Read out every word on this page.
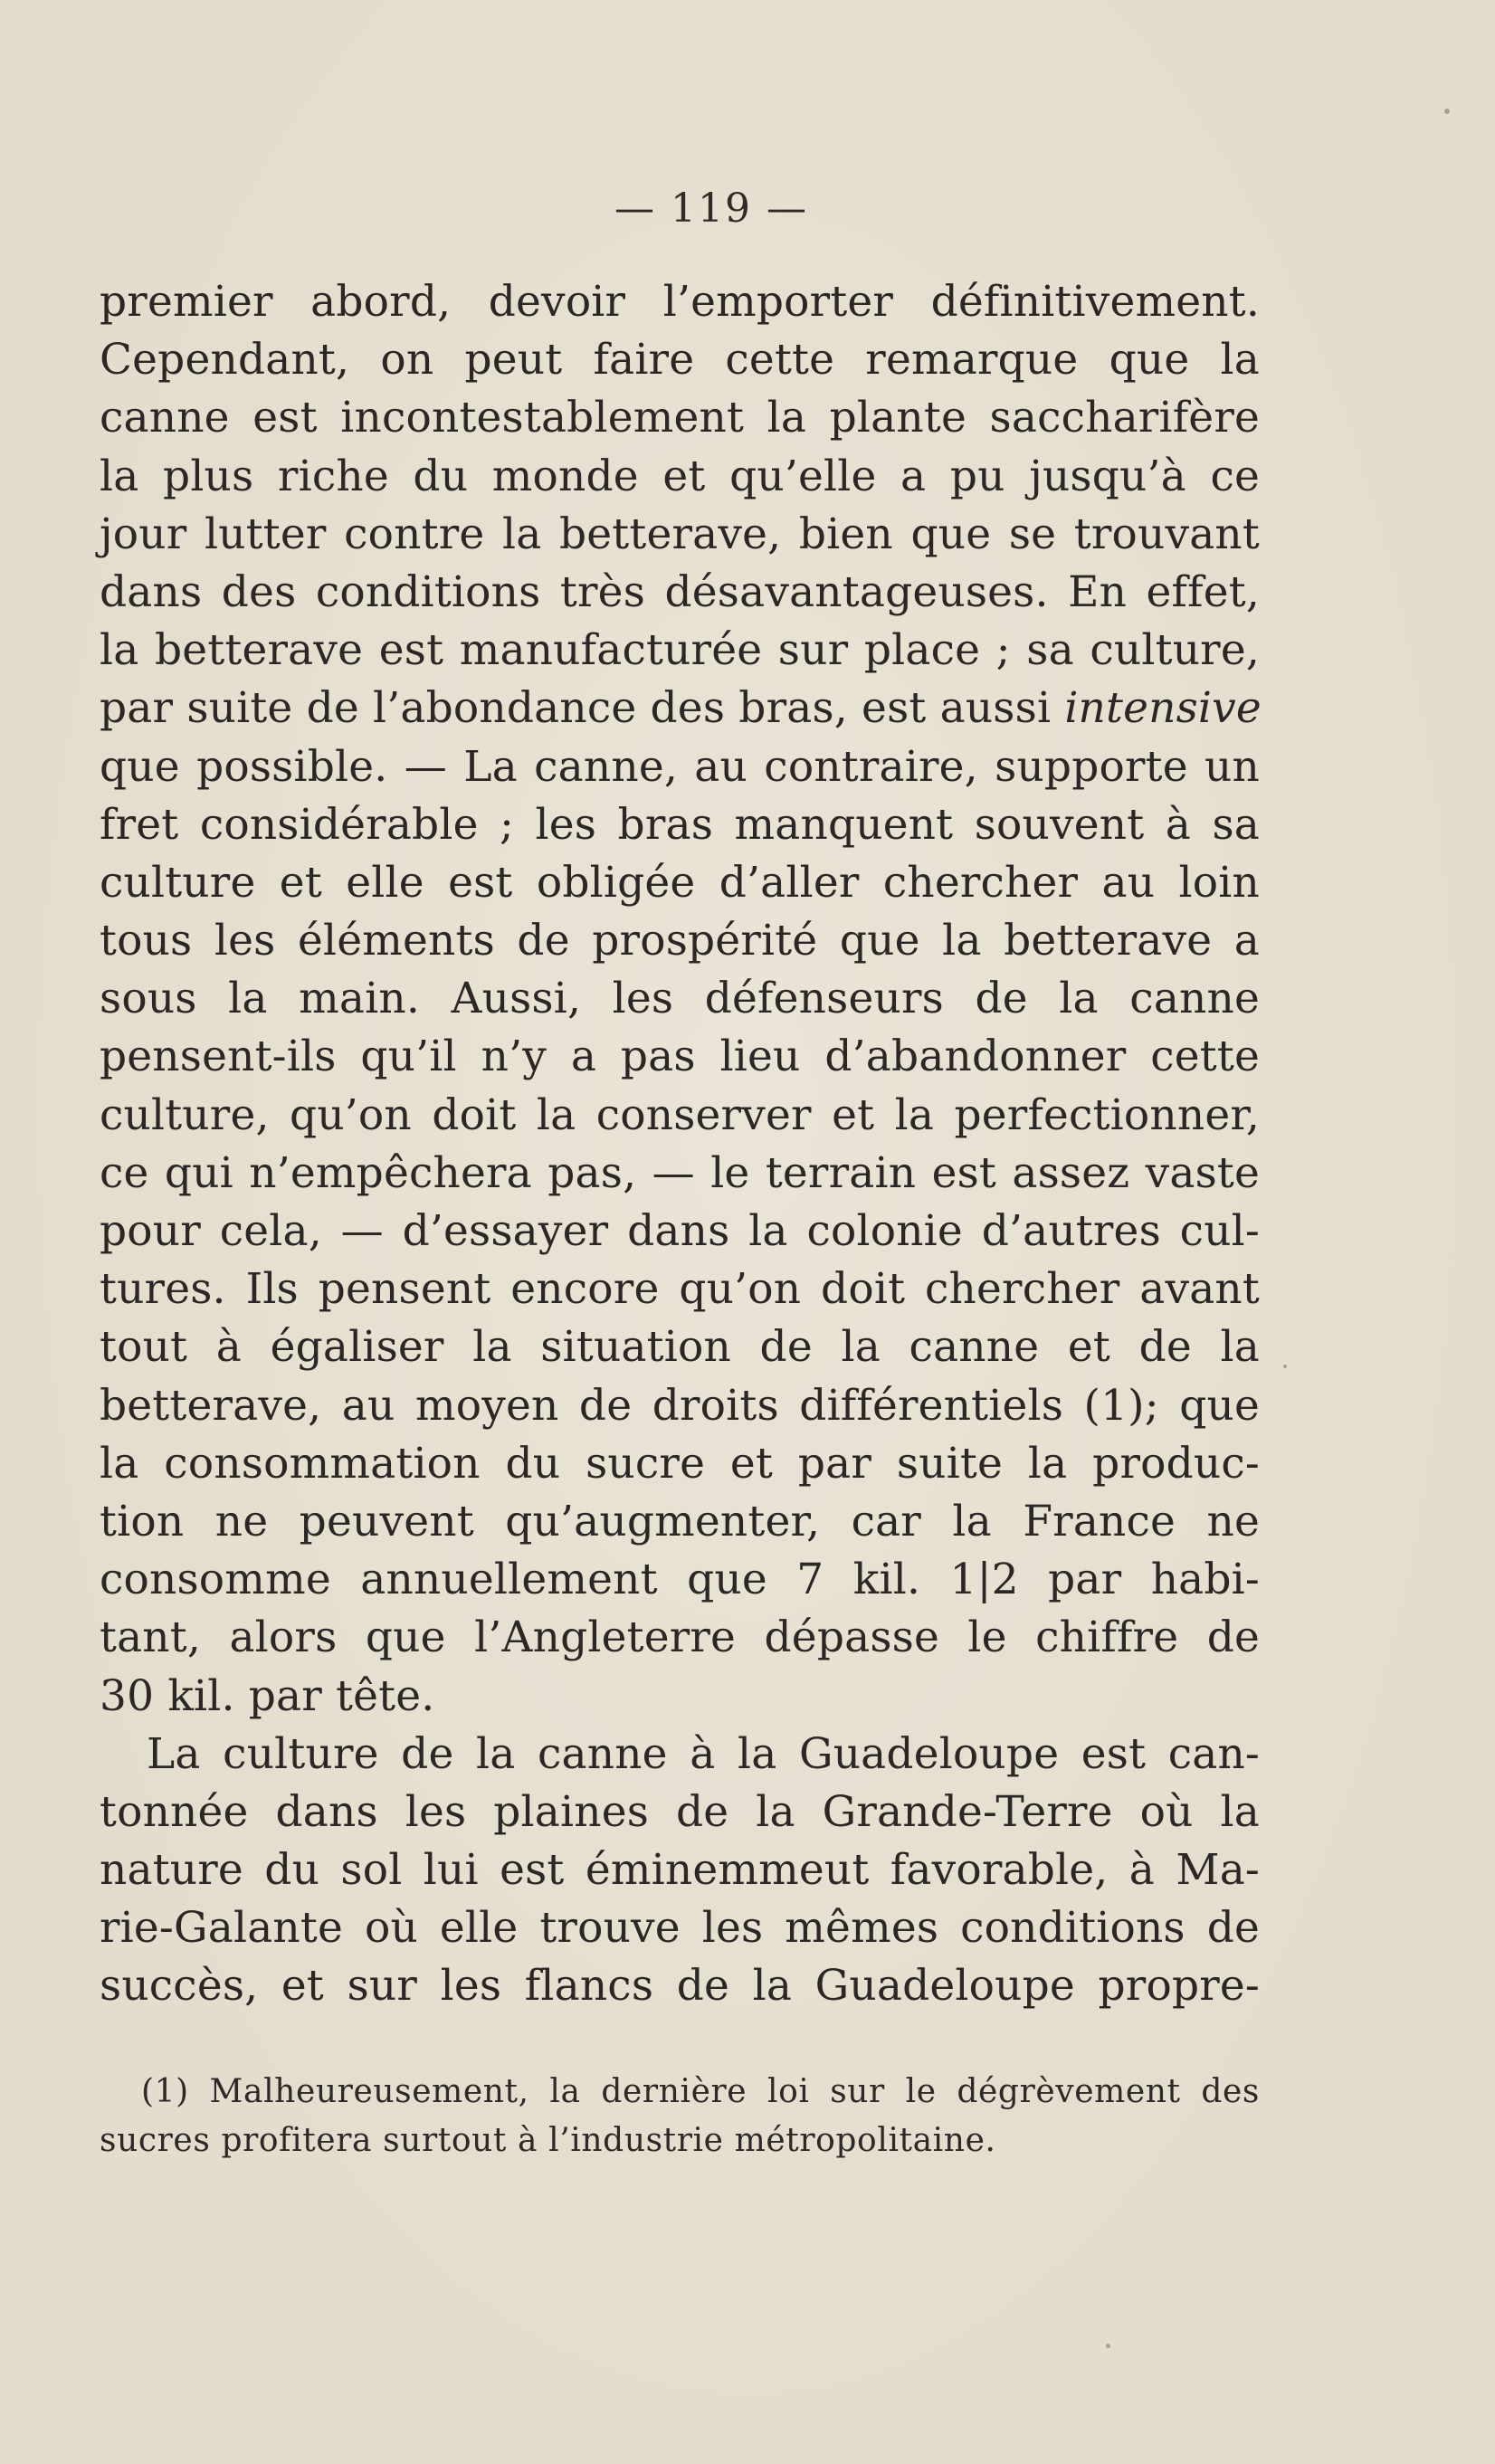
— 119 —
premier abord, devoir l’emporter définitivement.
Cependant, on peut faire cette remarque que la
canne est incontestablement la plante saccharifère
la plus riche du monde et qu’elle a pu jusqu’à ce
jour lutter contre la betterave, bien que se trouvant
dans des conditions très désavantageuses. En effet,
la betterave est manufacturée sur place ; sa culture,
par suite de l’abondance des bras, est aussi intensive
que possible. — La canne, au contraire, supporte un
fret considérable ; les bras manquent souvent à sa
culture et elle est obligée d’aller chercher au loin
tous les éléments de prospérité que la betterave a
sous la main. Aussi, les défenseurs de la canne
pensent-ils qu’il n’y a pas lieu d’abandonner cette
culture, qu’on doit la conserver et la perfectionner,
ce qui n’empêchera pas, — le terrain est assez vaste
pour cela, — d’essayer dans la colonie d’autres cul-
tures. Ils pensent encore qu’on doit chercher avant
tout à égaliser la situation de la canne et de la
betterave, au moyen de droits différentiels (1); que
la consommation du sucre et par suite la produc-
tion ne peuvent qu’augmenter, car la France ne
consomme annuellement que 7 kil. 1|2 par habi-
tant, alors que l’Angleterre dépasse le chiffre de
30 kil. par tête.
La culture de la canne à la Guadeloupe est can-
tonnée dans les plaines de la Grande-Terre où la
nature du sol lui est éminemmeut favorable, à Ma-
rie-Galante où elle trouve les mêmes conditions de
succès, et sur les flancs de la Guadeloupe propre-
(1) Malheureusement, la dernière loi sur le dégrèvement des
sucres profitera surtout à l’industrie métropolitaine.
